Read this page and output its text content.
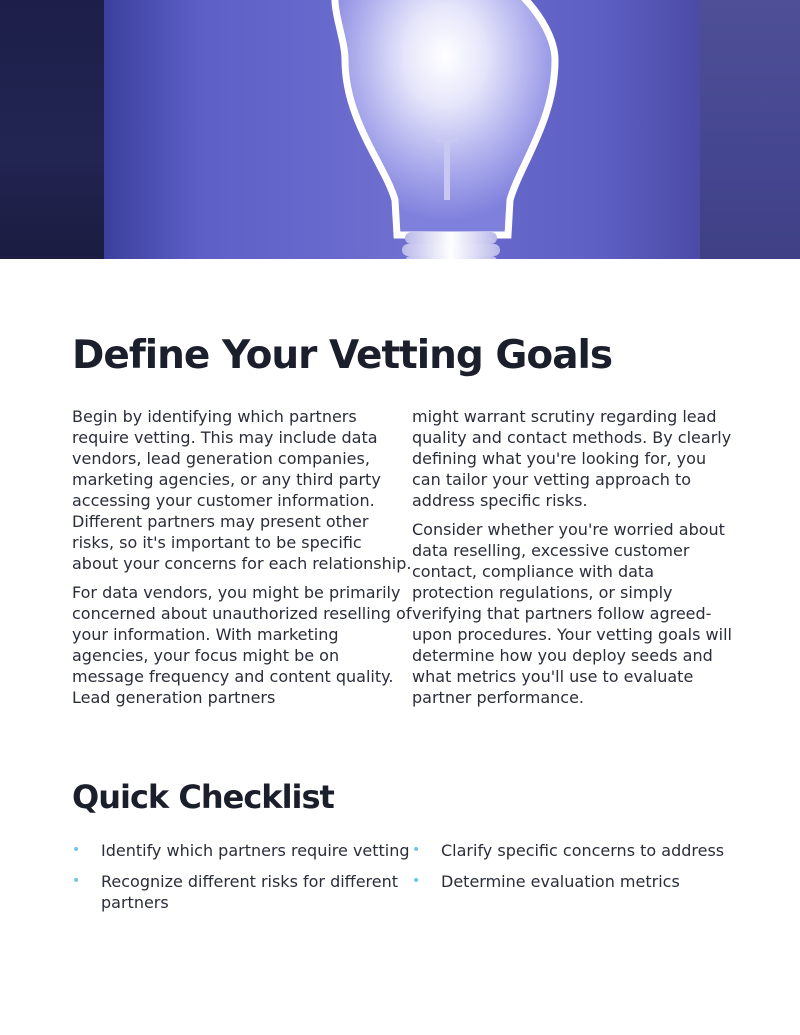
Define Your Vetting Goals

Begin by identifying which partners require vetting. This may include data vendors, lead generation companies, marketing agencies, or any third party accessing your customer information. Different partners may present other risks, so it's important to be specific about your concerns for each relationship.

For data vendors, you might be primarily concerned about unauthorized reselling of your information. With marketing agencies, your focus might be on message frequency and content quality. Lead generation partners

might warrant scrutiny regarding lead quality and contact methods. By clearly defining what you're looking for, you can tailor your vetting approach to address specific risks.

Consider whether you're worried about data reselling, excessive customer contact, compliance with data protection regulations, or simply verifying that partners follow agreed-upon procedures. Your vetting goals will determine how you deploy seeds and what metrics you'll use to evaluate partner performance.

Quick Checklist
• Identify which partners require vetting
• Recognize different risks for different partners
• Clarify specific concerns to address
• Determine evaluation metrics
